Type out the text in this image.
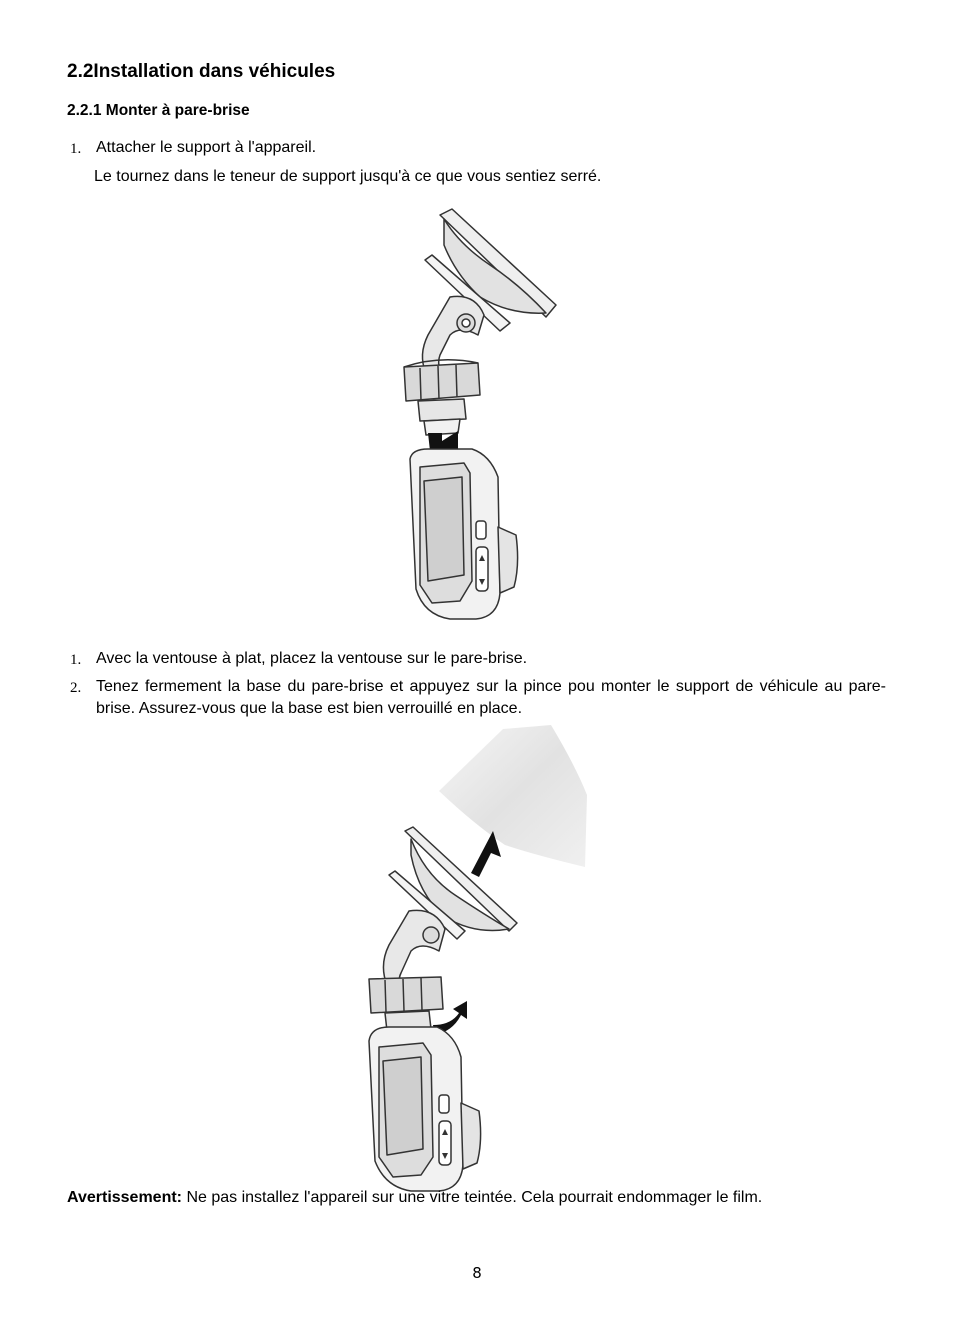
2.2Installation dans véhicules
2.2.1 Monter à pare-brise
1. Attacher le support à l'appareil.
Le tournez dans le teneur de support jusqu'à ce que vous sentiez serré.
1. Avec la ventouse à plat, placez la ventouse sur le pare-brise.
2. Tenez fermement la base du pare-brise et appuyez sur la pince pou monter le support de véhicule au pare-brise. Assurez-vous que la base est bien verrouillé en place.
Avertissement: Ne pas installez l'appareil sur une vitre teintée. Cela pourrait endommager le film.
8
